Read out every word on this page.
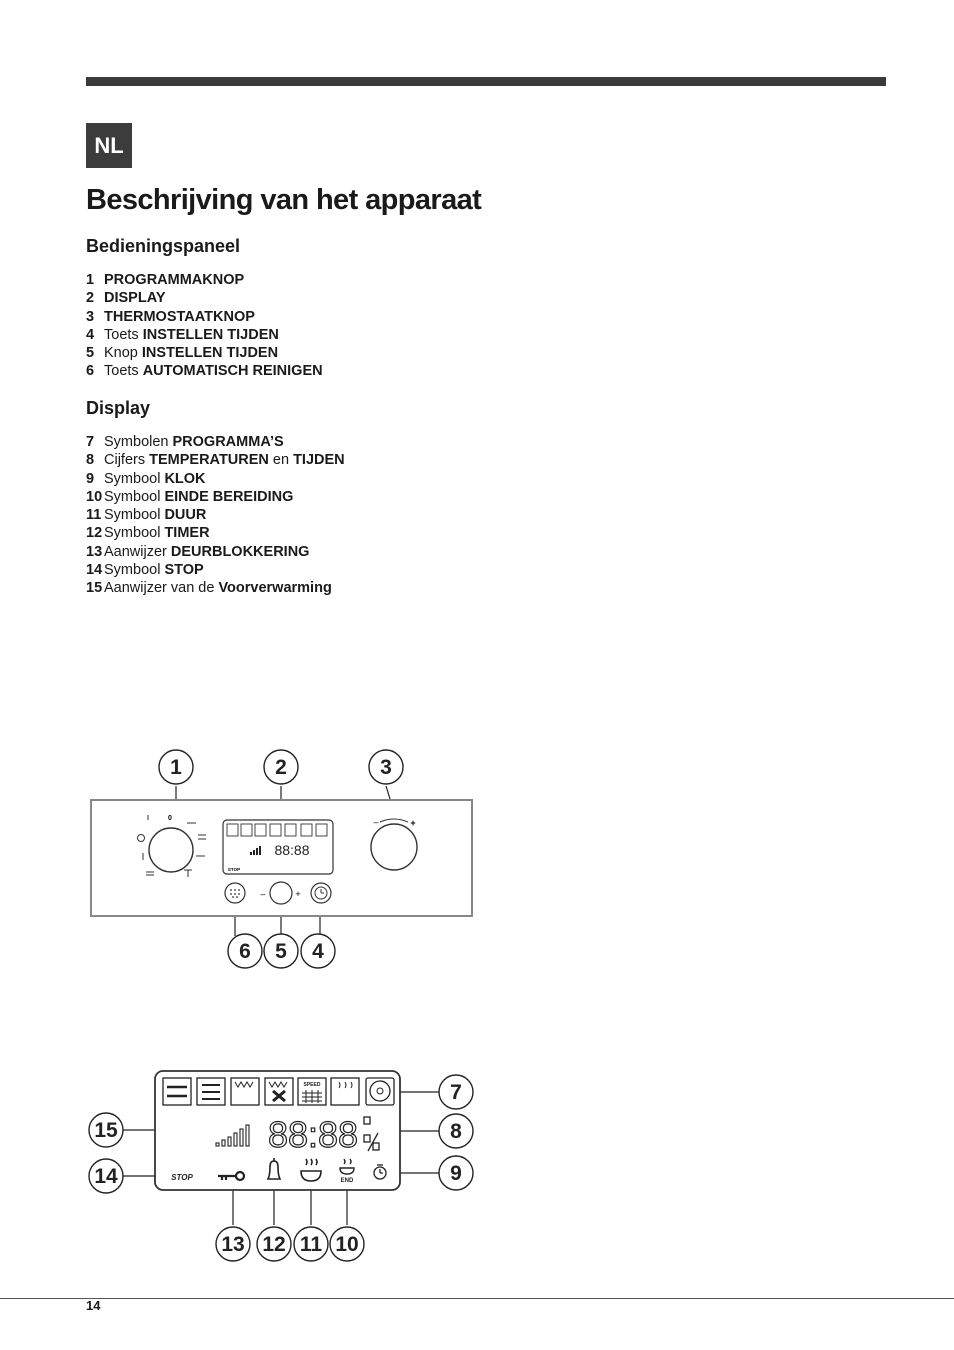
NL
Beschrijving van het apparaat
Bedieningspaneel
1 PROGRAMMAKNOP
2 DISPLAY
3 THERMOSTAATKNOP
4 Toets INSTELLEN TIJDEN
5 Knop INSTELLEN TIJDEN
6 Toets AUTOMATISCH REINIGEN
Display
7 Symbolen PROGRAMMA’S
8 Cijfers TEMPERATUREN en TIJDEN
9 Symbool KLOK
10 Symbool EINDE BEREIDING
11 Symbool DUUR
12 Symbool TIMER
13 Aanwijzer DEURBLOKKERING
14 Symbool STOP
15 Aanwijzer van de Voorverwarming
0
88:88
STOP
–	+
–	+
1	2	3
6 5 4
SPEED
88:88
STOP	END
7
8
9
15
14
13 12 11 10
14
